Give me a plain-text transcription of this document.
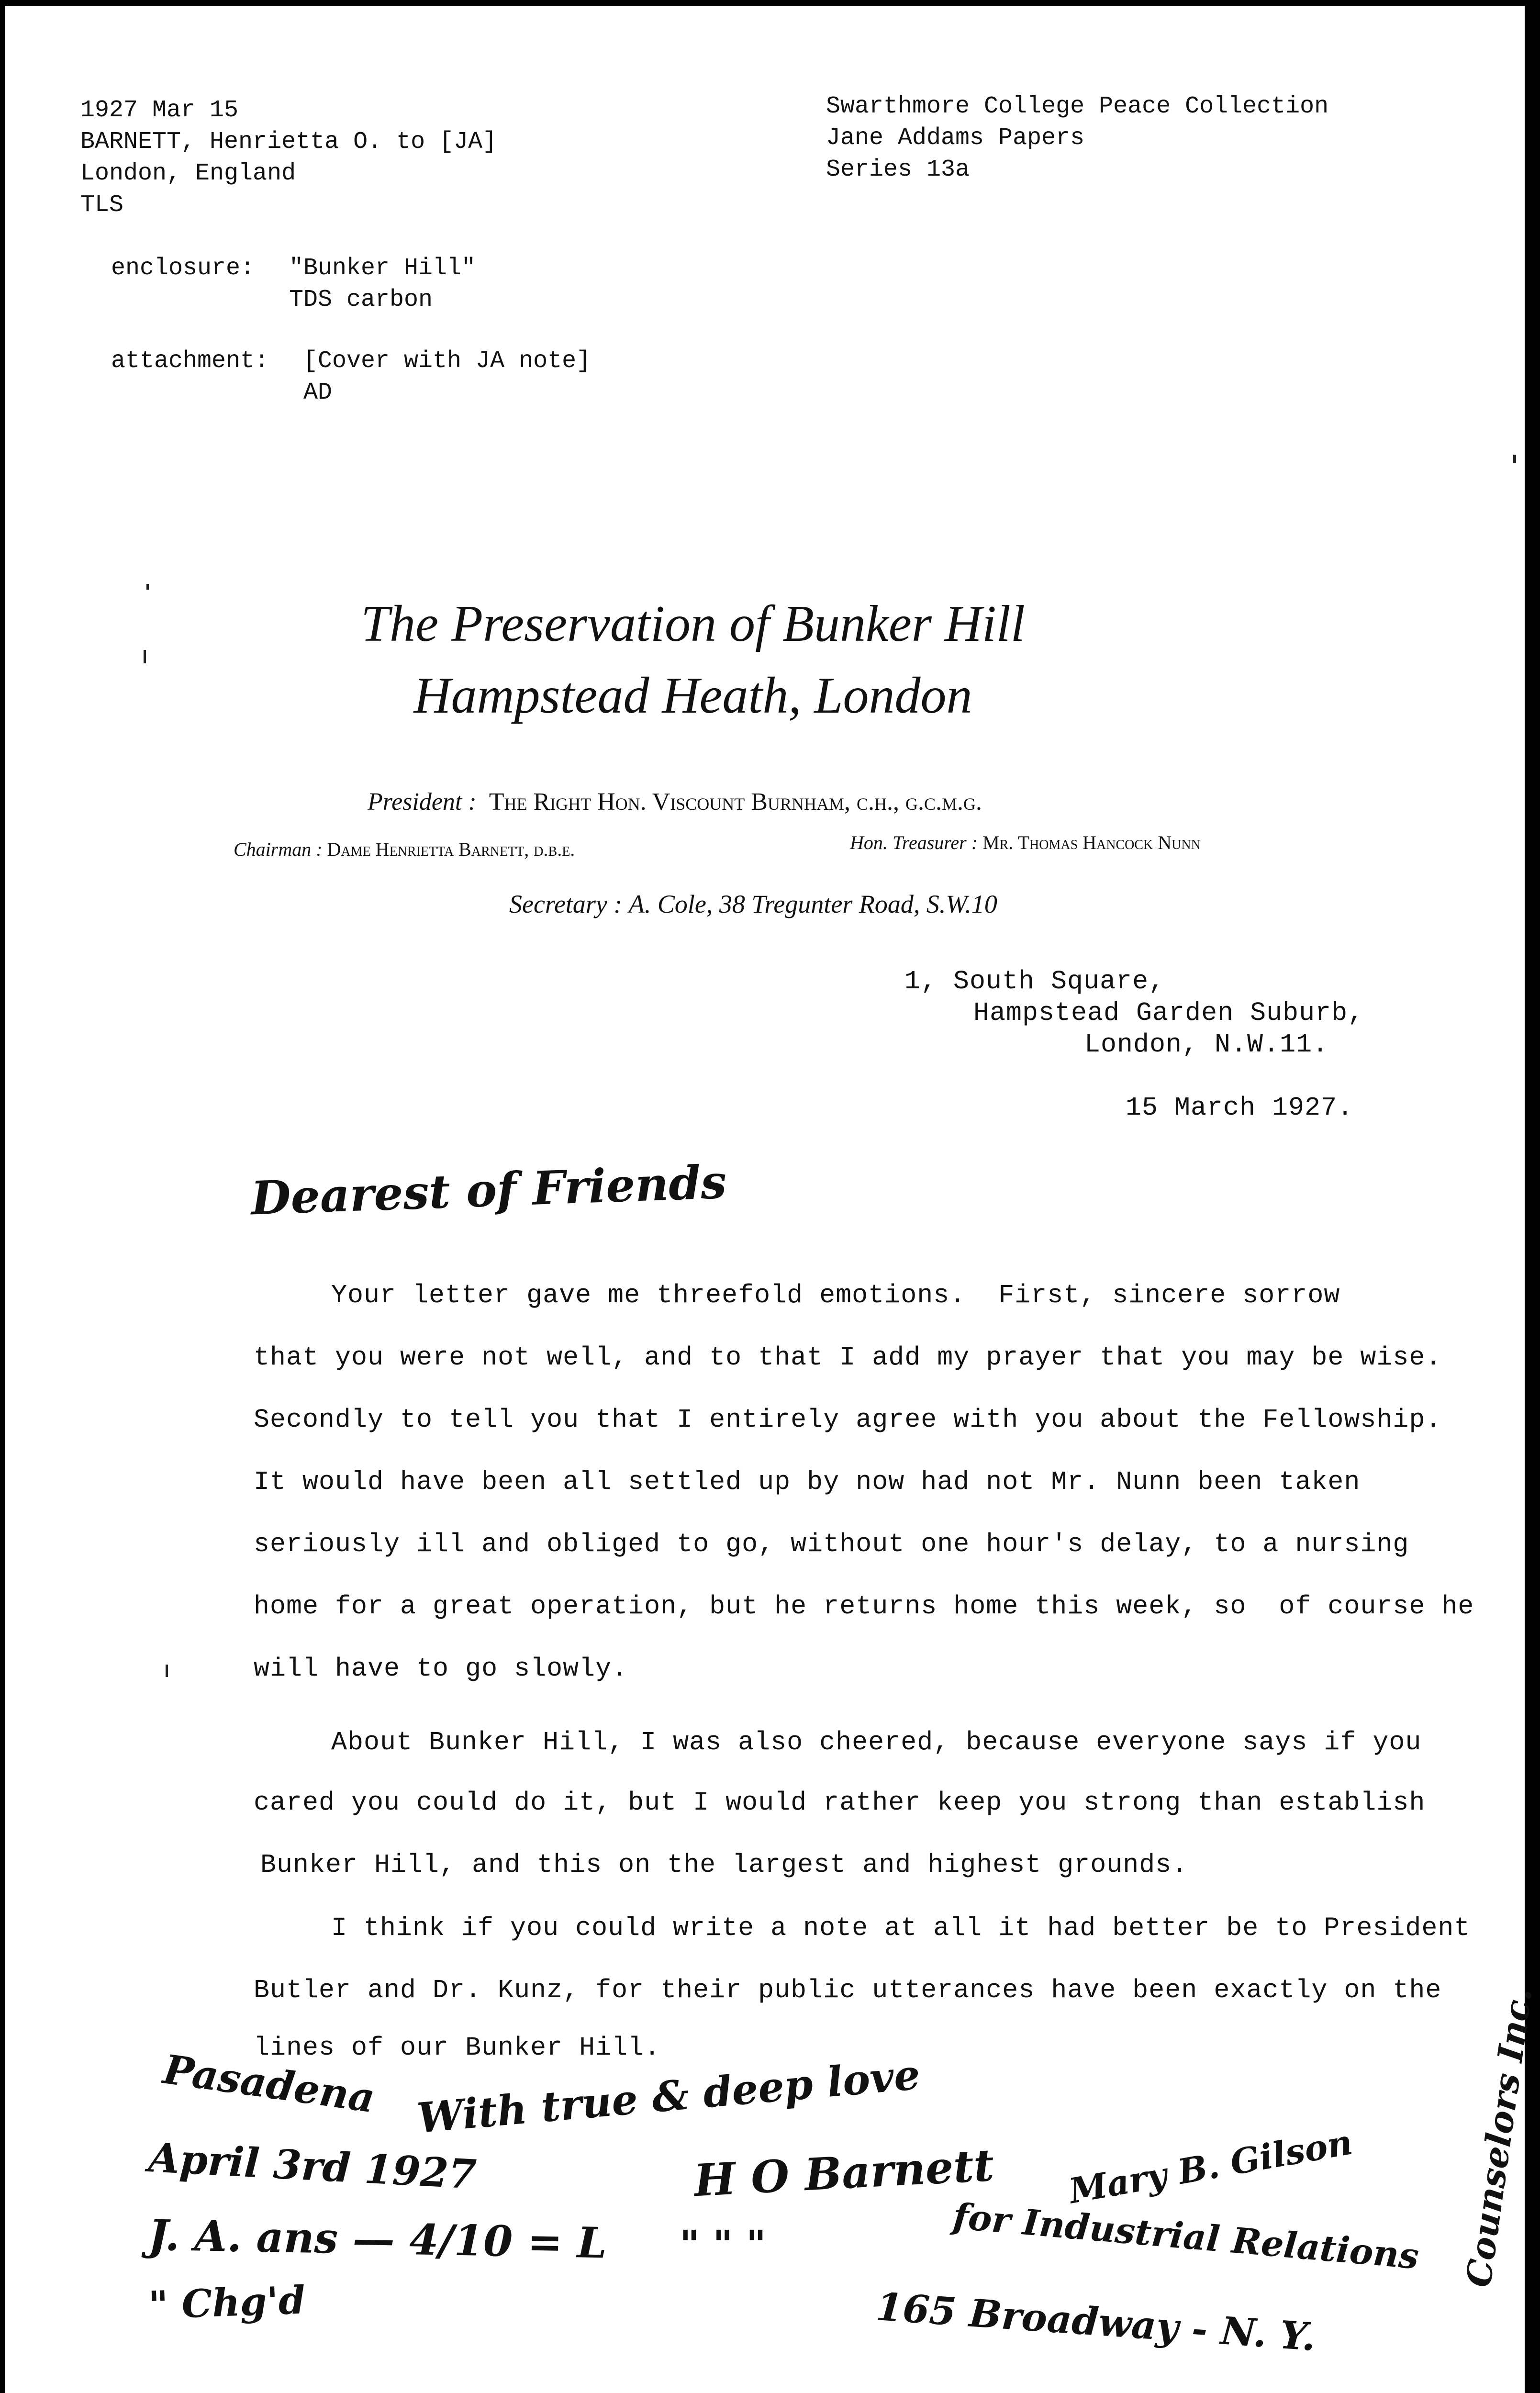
1927 Mar 15
BARNETT, Henrietta O. to [JA]
London, England
TLS
enclosure: "Bunker Hill"
TDS carbon
attachment: [Cover with JA note]
AD
Swarthmore College Peace Collection
Jane Addams Papers
Series 13a
The Preservation of Bunker Hill
Hampstead Heath, London

President : The Right Hon. Viscount Burnham, c.h., g.c.m.g.

Chairman : Dame Henrietta Barnett, d.b.e.
	Hon. Treasurer : Mr. Thomas Hancock Nunn

Secretary : A. Cole, 38 Tregunter Road, S.W.10

1, South Square,
Hampstead Garden Suburb,
London, N.W.11.
15 March 1927.
Dearest of Friends
Your letter gave me threefold emotions.  First, sincere sorrow
that you were not well, and to that I add my prayer that you may be wise.
Secondly to tell you that I entirely agree with you about the Fellowship.
It would have been all settled up by now had not Mr. Nunn been taken
seriously ill and obliged to go, without one hour's delay, to a nursing
home for a great operation, but he returns home this week, so  of course he
will have to go slowly.
About Bunker Hill, I was also cheered, because everyone says if you
cared you could do it, but I would rather keep you strong than establish
Bunker Hill, and this on the largest and highest grounds.
I think if you could write a note at all it had better be to President
Butler and Dr. Kunz, for their public utterances have been exactly on the
lines of our Bunker Hill.
Pasadena With true & deep love
April 3rd 1927	H O Barnett
J. A. ans — 4/10 = L " " "
" Chg'd
Mary B. Gilson
for Industrial Relations
165 Broadway - N. Y.
Counselors Inc.
